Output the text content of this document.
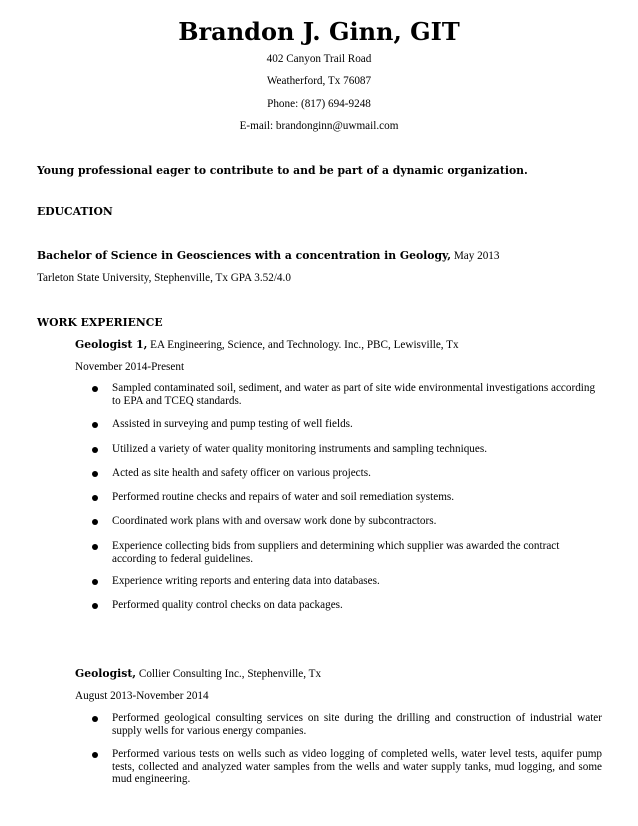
Brandon J. Ginn, GIT
402 Canyon Trail Road
Weatherford, Tx 76087
Phone: (817) 694-9248
E-mail: brandonginn@uwmail.com
Young professional eager to contribute to and be part of a dynamic organization.
EDUCATION
Bachelor of Science in Geosciences with a concentration in Geology, May 2013
Tarleton State University, Stephenville, Tx GPA 3.52/4.0
WORK EXPERIENCE
Geologist 1, EA Engineering, Science, and Technology. Inc., PBC, Lewisville, Tx
November 2014-Present
Sampled contaminated soil, sediment, and water as part of site wide environmental investigations according to EPA and TCEQ standards.
Assisted in surveying and pump testing of well fields.
Utilized a variety of water quality monitoring instruments and sampling techniques.
Acted as site health and safety officer on various projects.
Performed routine checks and repairs of water and soil remediation systems.
Coordinated work plans with and oversaw work done by subcontractors.
Experience collecting bids from suppliers and determining which supplier was awarded the contract according to federal guidelines.
Experience writing reports and entering data into databases.
Performed quality control checks on data packages.
Geologist, Collier Consulting Inc., Stephenville, Tx
August 2013-November 2014
Performed geological consulting services on site during the drilling and construction of industrial water supply wells for various energy companies.
Performed various tests on wells such as video logging of completed wells, water level tests, aquifer pump tests, collected and analyzed water samples from the wells and water supply tanks, mud logging, and some mud engineering.
